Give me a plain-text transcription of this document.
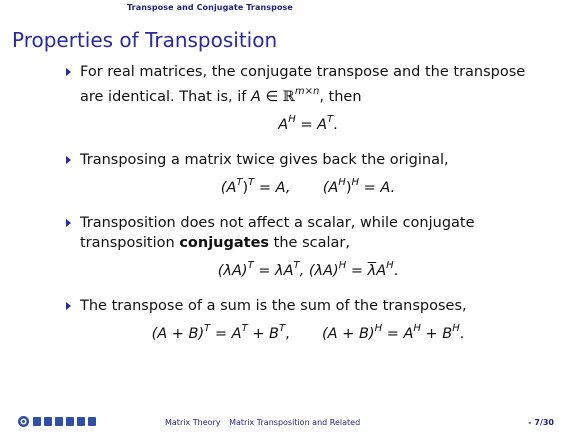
Transpose and Conjugate Transpose
Properties of Transposition
For real matrices, the conjugate transpose and the transpose
are identical. That is, if A ∈ ℝ$^{m\times n}$, then
$A^H = A^T$.
Transposing a matrix twice gives back the original,
$(A^T)^T = A$, $(A^H)^H = A$.
Transposition does not affect a scalar, while conjugate
transposition conjugates the scalar,
$(\lambda A)^T = \lambda A^T$, $(\lambda A)^H = \overline{\lambda}A^H$.
The transpose of a sum is the sum of the transposes,
$(A + B)^T = A^T + B^T$, $(A + B)^H = A^H + B^H$.
Matrix Theory Matrix Transposition and Related	- 7/30
